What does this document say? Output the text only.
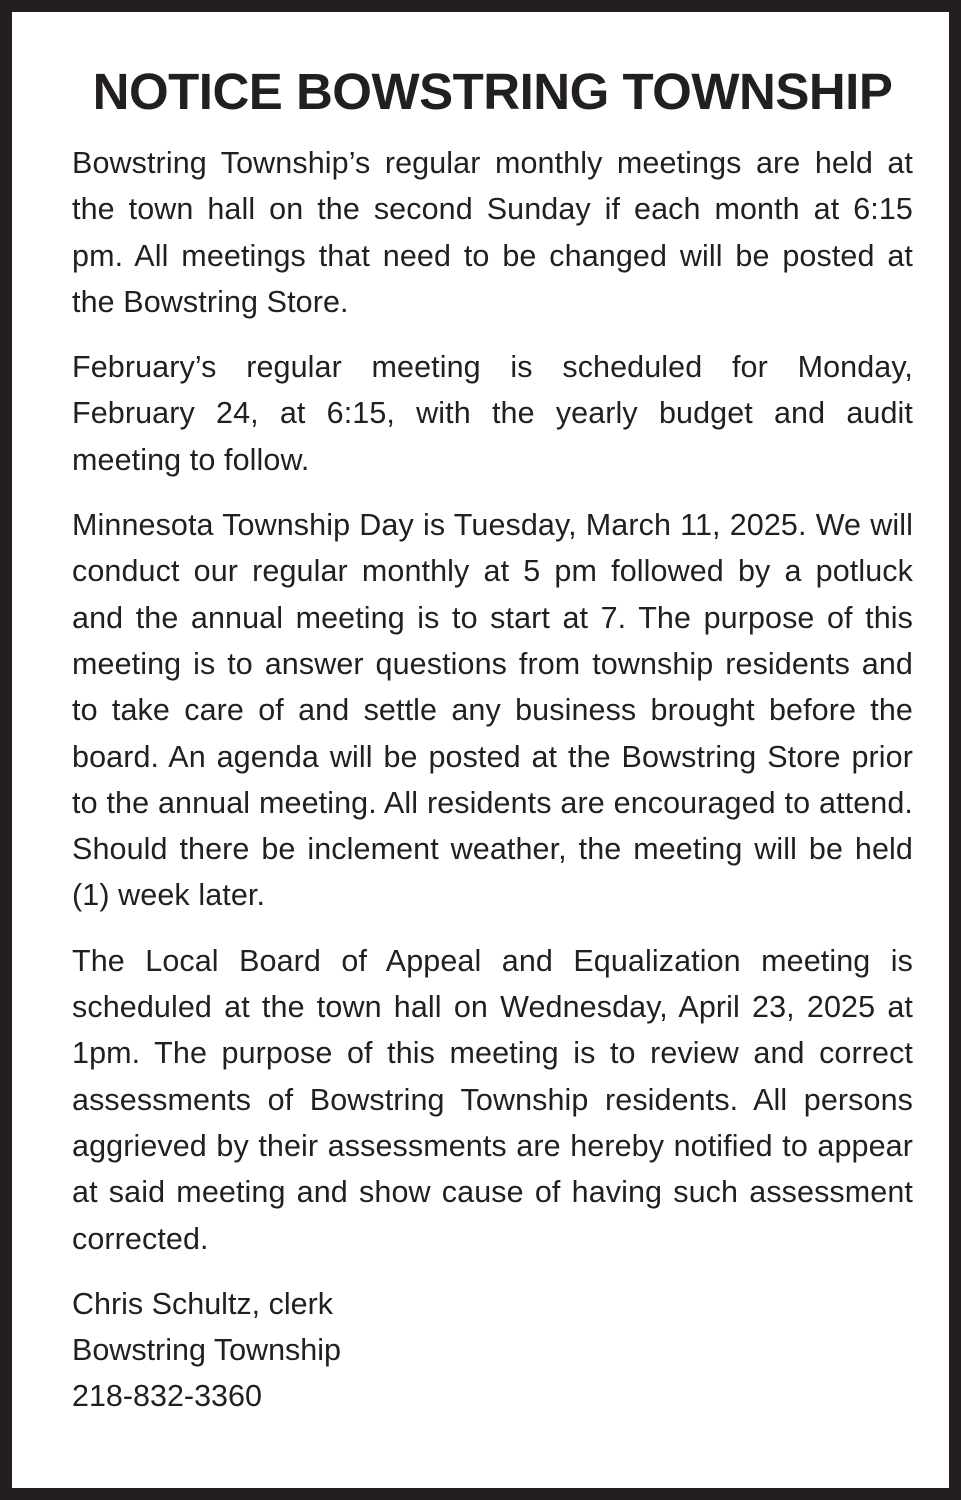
NOTICE BOWSTRING TOWNSHIP

Bowstring Township’s regular monthly meetings are held at the town hall on the second Sunday if each month at 6:15 pm. All meetings that need to be changed will be posted at the Bowstring Store.

February’s regular meeting is scheduled for Monday, February 24, at 6:15, with the yearly budget and audit meeting to follow.

Minnesota Township Day is Tuesday, March 11, 2025. We will conduct our regular monthly at 5 pm followed by a potluck and the annual meeting is to start at 7. The purpose of this meeting is to answer questions from township residents and to take care of and settle any business brought before the board. An agenda will be posted at the Bowstring Store prior to the annual meeting. All residents are encouraged to attend. Should there be inclement weather, the meeting will be held (1) week later.

The Local Board of Appeal and Equalization meeting is scheduled at the town hall on Wednesday, April 23, 2025 at 1pm. The purpose of this meeting is to review and correct assessments of Bowstring Township residents. All persons aggrieved by their assessments are hereby notified to appear at said meeting and show cause of having such assessment corrected.

Chris Schultz, clerk
Bowstring Township
218-832-3360
